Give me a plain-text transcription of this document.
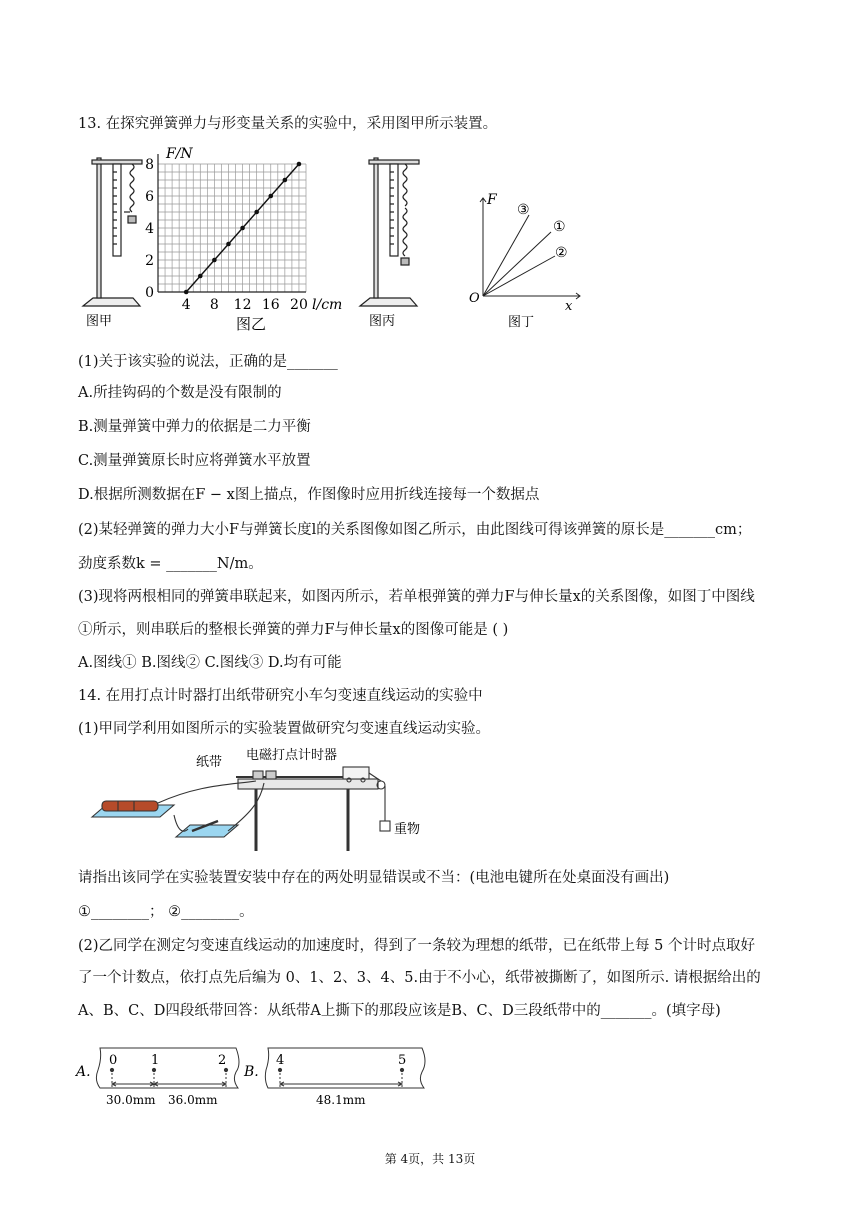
13. 在探究弹簧弹力与形变量关系的实验中，采用图甲所示装置。
图甲
4 8 12 16 20
0
2
4
6
8
F/N
l/cm
图乙	图丙
F
x
O
③
①
②
图丁
(1)关于该实验的说法，正确的是_______
A.所挂钩码的个数是没有限制的
B.测量弹簧中弹力的依据是二力平衡
C.测量弹簧原长时应将弹簧水平放置
D.根据所测数据在F − x图上描点，作图像时应用折线连接每一个数据点
(2)某轻弹簧的弹力大小F与弹簧长度l的关系图像如图乙所示，由此图线可得该弹簧的原长是_______cm；
劲度系数k = _______N/m。
(3)现将两根相同的弹簧串联起来，如图丙所示，若单根弹簧的弹力F与伸长量x的关系图像，如图丁中图线
①所示，则串联后的整根长弹簧的弹力F与伸长量x的图像可能是 ( )
A.图线① B.图线② C.图线③ D.均有可能
14. 在用打点计时器打出纸带研究小车匀变速直线运动的实验中
(1)甲同学利用如图所示的实验装置做研究匀变速直线运动实验。
纸带 电磁打点计时器
重物
请指出该同学在实验装置安装中存在的两处明显错误或不当：(电池电键所在处桌面没有画出)
①________； ②________。
(2)乙同学在测定匀变速直线运动的加速度时，得到了一条较为理想的纸带，已在纸带上每 5 个计时点取好
了一个计数点，依打点先后编为 0、1、2、3、4、5.由于不小心，纸带被撕断了，如图所示. 请根据给出的
A、B、C、D四段纸带回答：从纸带A上撕下的那段应该是B、C、D三段纸带中的_______。(填字母)
A.
0	1	2
30.0mm 36.0mm
B.
4	5
48.1mm
第 4页，共 13页
